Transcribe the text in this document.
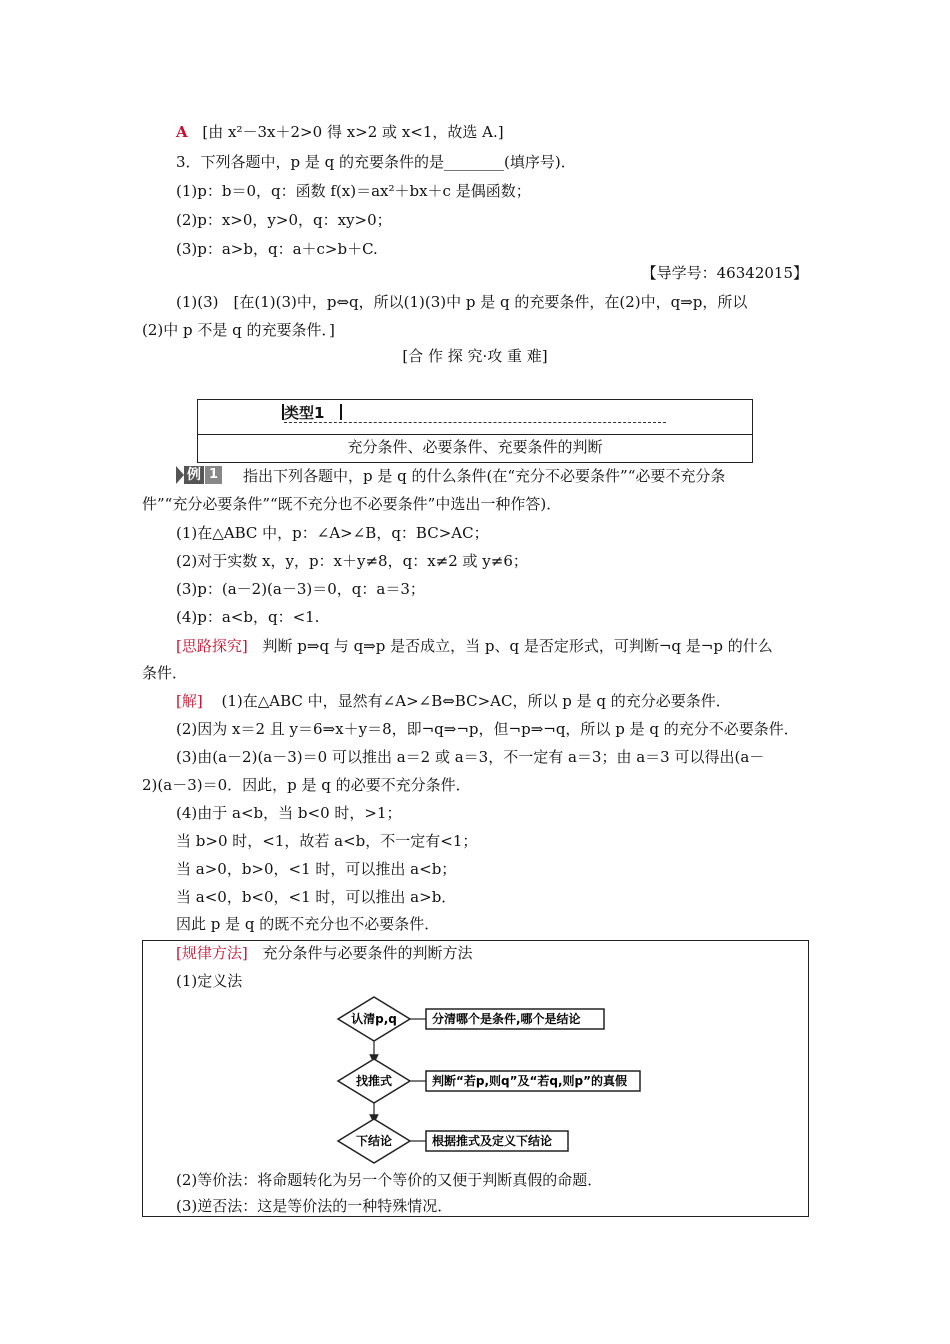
A [由 x²－3x＋2>0 得 x>2 或 x<1，故选 A.]
3．下列各题中，p 是 q 的充要条件的是________(填序号)．
(1)p：b＝0，q：函数 f(x)＝ax²＋bx＋c 是偶函数；
(2)p：x>0，y>0，q：xy>0；
(3)p：a>b，q：a＋c>b＋C.
【导学号：46342015】
(1)(3)　[在(1)(3)中，p⇔q，所以(1)(3)中 p 是 q 的充要条件，在(2)中，q⇒p，所以
(2)中 p 不是 q 的充要条件．]
[合 作 探 究·攻 重 难]
类型1
充分条件、必要条件、充要条件的判断
例 1 指出下列各题中，p 是 q 的什么条件(在“充分不必要条件”“必要不充分条
件”“充分必要条件”“既不充分也不必要条件”中选出一种作答)．
(1)在△ABC 中，p：∠A>∠B，q：BC>AC；
(2)对于实数 x，y，p：x＋y≠8，q：x≠2 或 y≠6；
(3)p：(a－2)(a－3)＝0，q：a＝3；
(4)p：a<b，q：<1.
[思路探究] 判断 p⇒q 与 q⇒p 是否成立，当 p、q 是否定形式，可判断¬q 是¬p 的什么
条件．
[解] (1)在△ABC 中，显然有∠A>∠B⇔BC>AC，所以 p 是 q 的充分必要条件．
(2)因为 x＝2 且 y＝6⇒x＋y＝8，即¬q⇒¬p，但¬p⇒¬q，所以 p 是 q 的充分不必要条件．
(3)由(a－2)(a－3)＝0 可以推出 a＝2 或 a＝3，不一定有 a＝3；由 a＝3 可以得出(a－
2)(a－3)＝0．因此，p 是 q 的必要不充分条件．
(4)由于 a<b，当 b<0 时，>1；
当 b>0 时，<1，故若 a<b，不一定有<1；
当 a>0，b>0，<1 时，可以推出 a<b；
当 a<0，b<0，<1 时，可以推出 a>b．
因此 p 是 q 的既不充分也不必要条件．
[规律方法] 充分条件与必要条件的判断方法
(1)定义法
认清p,q	分清哪个是条件,哪个是结论
找推式	判断“若p,则q”及“若q,则p”的真假
下结论	根据推式及定义下结论
(2)等价法：将命题转化为另一个等价的又便于判断真假的命题．
(3)逆否法：这是等价法的一种特殊情况．
